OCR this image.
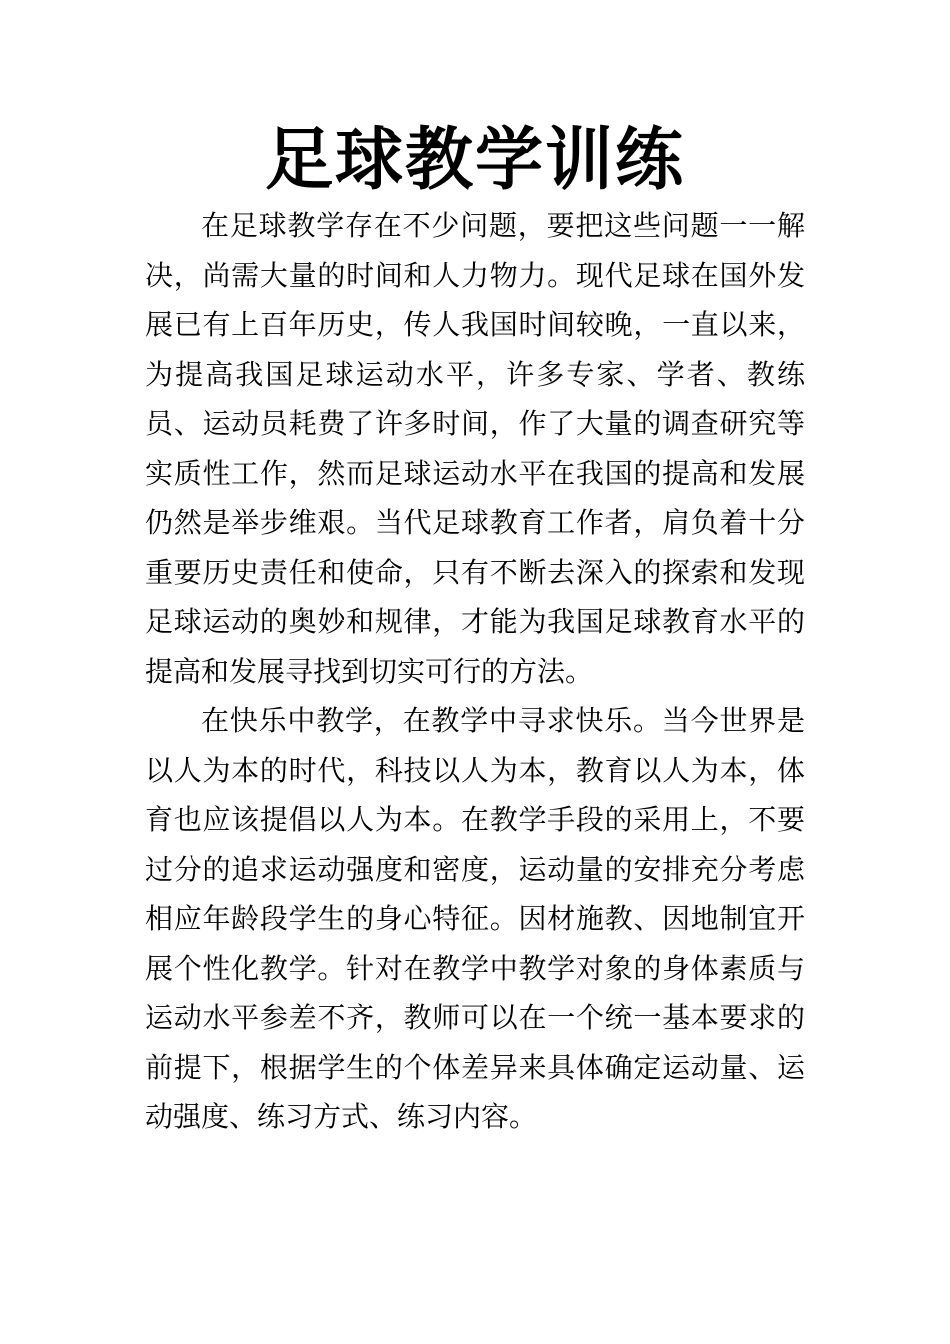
足球教学训练

在足球教学存在不少问题，要把这些问题一一解决，尚需大量的时间和人力物力。现代足球在国外发展已有上百年历史，传人我国时间较晚，一直以来，为提高我国足球运动水平，许多专家、学者、教练员、运动员耗费了许多时间，作了大量的调查研究等实质性工作，然而足球运动水平在我国的提高和发展仍然是举步维艰。当代足球教育工作者，肩负着十分重要历史责任和使命，只有不断去深入的探索和发现足球运动的奥妙和规律，才能为我国足球教育水平的提高和发展寻找到切实可行的方法。

在快乐中教学，在教学中寻求快乐。当今世界是以人为本的时代，科技以人为本，教育以人为本，体育也应该提倡以人为本。在教学手段的采用上，不要过分的追求运动强度和密度，运动量的安排充分考虑相应年龄段学生的身心特征。因材施教、因地制宜开展个性化教学。针对在教学中教学对象的身体素质与运动水平参差不齐，教师可以在一个统一基本要求的前提下，根据学生的个体差异来具体确定运动量、运动强度、练习方式、练习内容。
